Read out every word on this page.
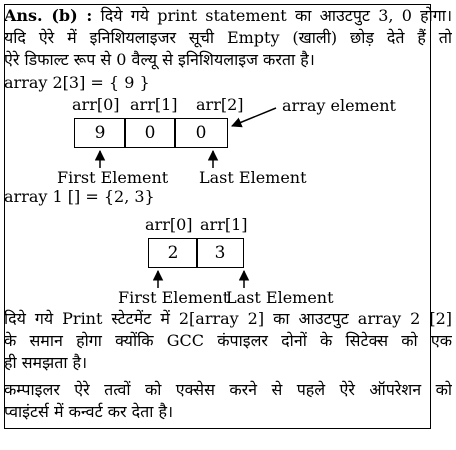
Ans. (b) : दिये गये print statement का आउटपुट 3, 0 होगा।
यदि ऐरे में इनिशियलाइजर सूची Empty (खाली) छोड़ देते हैं तो
ऐरे डिफाल्ट रूप से 0 वैल्यू से इनिशियलाइज करता है।
array 2[3] = { 9 }
arr[0] arr[1] arr[2] array element
9 0 0
First Element Last Element
array 1 [] = {2, 3}
arr[0] arr[1]
2 3
First Element
Last Element
दिये गये Print स्टेटमेंट में 2[array 2] का आउटपुट array 2 [2]
के समान होगा क्योंकि GCC कंपाइलर दोनों के सिटेक्स को एक
ही समझता है।
कम्पाइलर ऐरे तत्वों को एक्सेस करने से पहले ऐरे ऑपरेशन को
प्वाइंटर्स में कन्वर्ट कर देता है।
